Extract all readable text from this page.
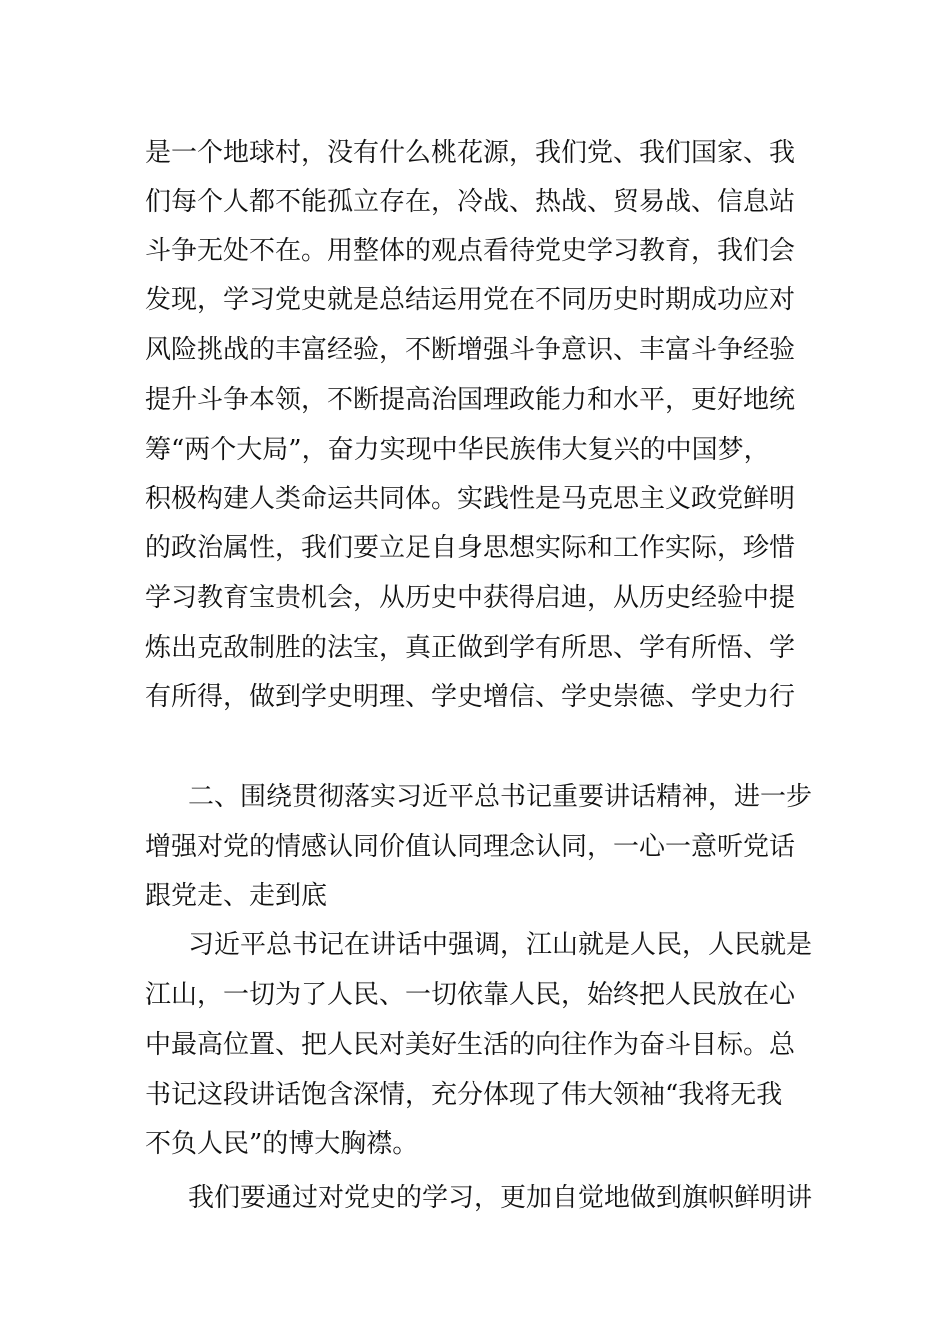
是一个地球村，没有什么桃花源，我们党、我们国家、我
们每个人都不能孤立存在，冷战、热战、贸易战、信息站
斗争无处不在。用整体的观点看待党史学习教育，我们会
发现，学习党史就是总结运用党在不同历史时期成功应对
风险挑战的丰富经验，不断增强斗争意识、丰富斗争经验
提升斗争本领，不断提高治国理政能力和水平，更好地统
筹“两个大局”，奋力实现中华民族伟大复兴的中国梦，
积极构建人类命运共同体。实践性是马克思主义政党鲜明
的政治属性，我们要立足自身思想实际和工作实际，珍惜
学习教育宝贵机会，从历史中获得启迪，从历史经验中提
炼出克敌制胜的法宝，真正做到学有所思、学有所悟、学
有所得，做到学史明理、学史增信、学史崇德、学史力行
二、围绕贯彻落实习近平总书记重要讲话精神，进一步
增强对党的情感认同价值认同理念认同，一心一意听党话
跟党走、走到底
习近平总书记在讲话中强调，江山就是人民，人民就是
江山，一切为了人民、一切依靠人民，始终把人民放在心
中最高位置、把人民对美好生活的向往作为奋斗目标。总
书记这段讲话饱含深情，充分体现了伟大领袖“我将无我
不负人民”的博大胸襟。
我们要通过对党史的学习，更加自觉地做到旗帜鲜明讲
